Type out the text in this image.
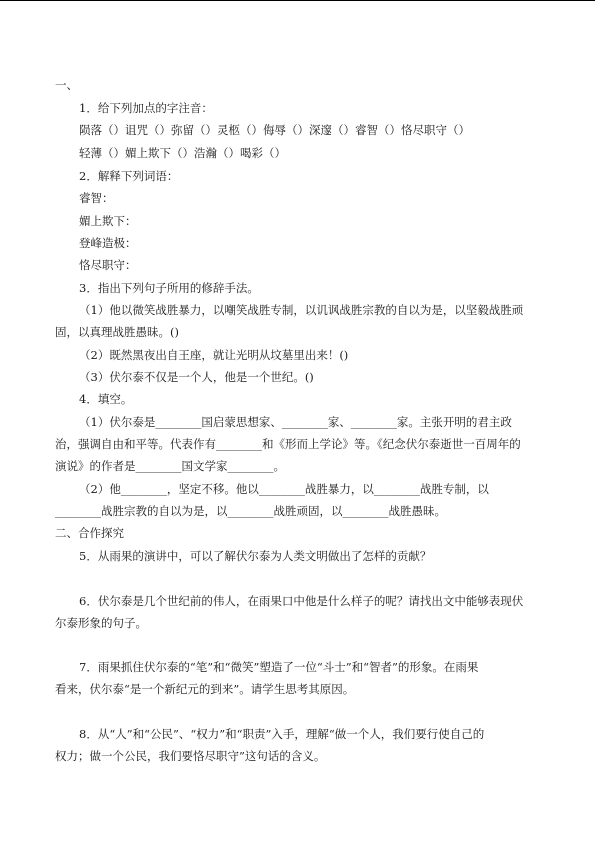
一、
1．给下列加点的字注音：
陨落（）诅咒（）弥留（）灵柩（）侮辱（）深邃（）睿智（）恪尽职守（）
轻薄（）媚上欺下（）浩瀚（）喝彩（）
2．解释下列词语：
睿智：
媚上欺下：
登峰造极：
恪尽职守：
3．指出下列句子所用的修辞手法。
（1）他以微笑战胜暴力，以嘲笑战胜专制，以讥讽战胜宗教的自以为是，以坚毅战胜顽
固，以真理战胜愚昧。()
（2）既然黑夜出自王座，就让光明从坟墓里出来！()
（3）伏尔泰不仅是一个人，他是一个世纪。()
4．填空。
（1）伏尔泰是________国启蒙思想家、________家、________家。主张开明的君主政
治，强调自由和平等。代表作有________和《形而上学论》等。《纪念伏尔泰逝世一百周年的
演说》的作者是________国文学家________。
（2）他________，坚定不移。他以________战胜暴力，以________战胜专制，以
________战胜宗教的自以为是，以________战胜顽固，以________战胜愚昧。
二、合作探究
5．从雨果的演讲中，可以了解伏尔泰为人类文明做出了怎样的贡献？
6．伏尔泰是几个世纪前的伟人，在雨果口中他是什么样子的呢？请找出文中能够表现伏
尔泰形象的句子。
7．雨果抓住伏尔泰的“笔”和“微笑”塑造了一位“斗士”和“智者”的形象。在雨果
看来，伏尔泰“是一个新纪元的到来”。请学生思考其原因。
8．从“人”和“公民”、“权力”和“职责”入手，理解“做一个人，我们要行使自己的
权力；做一个公民，我们要恪尽职守”这句话的含义。
